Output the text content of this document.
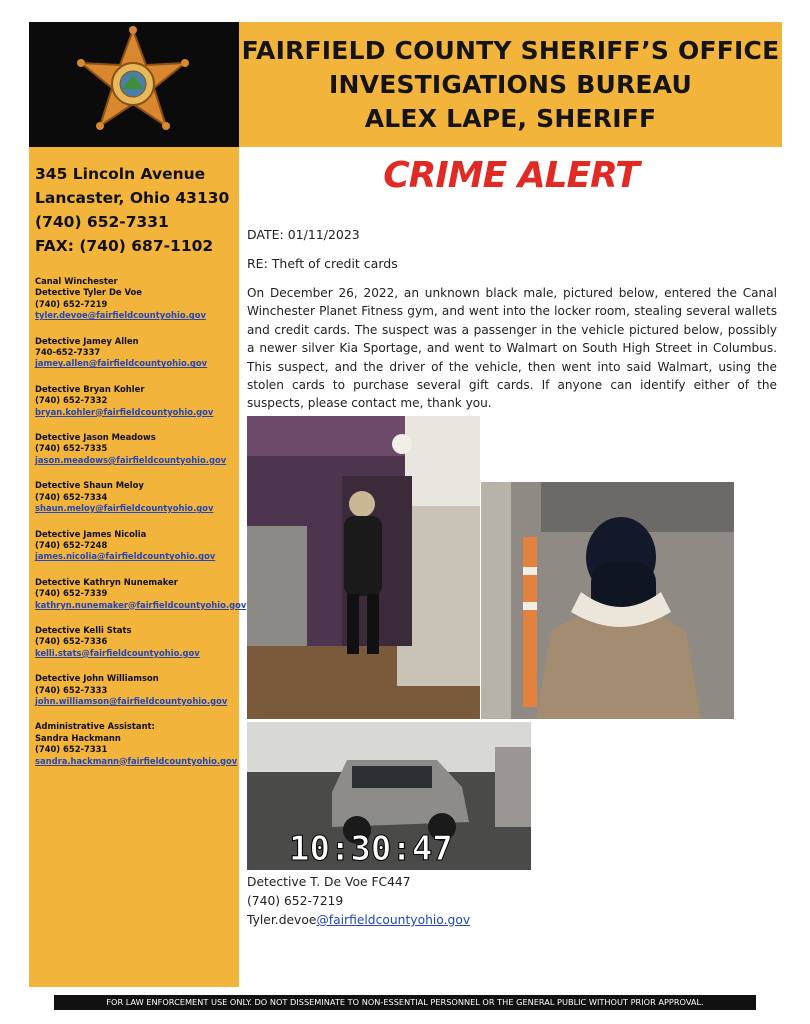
FAIRFIELD COUNTY SHERIFF’S OFFICE
INVESTIGATIONS BUREAU
ALEX LAPE, SHERIFF
345 Lincoln Avenue
Lancaster, Ohio 43130
(740) 652-7331
FAX: (740) 687-1102
Canal Winchester
Detective Tyler De Voe
(740) 652-7219
tyler.devoe@fairfieldcountyohio.gov
Detective Jamey Allen
740-652-7337
jamey.allen@fairfieldcountyohio.gov
Detective Bryan Kohler
(740) 652-7332
bryan.kohler@fairfieldcountyohio.gov
Detective Jason Meadows
(740) 652-7335
jason.meadows@fairfieldcountyohio.gov
Detective Shaun Meloy
(740) 652-7334
shaun.meloy@fairfieldcountyohio.gov
Detective James Nicolia
(740) 652-7248
james.nicolia@fairfieldcountyohio.gov
Detective Kathryn Nunemaker
(740) 652-7339
kathryn.nunemaker@fairfieldcountyohio.gov
Detective Kelli Stats
(740) 652-7336
kelli.stats@fairfieldcountyohio.gov
Detective John Williamson
(740) 652-7333
john.williamson@fairfieldcountyohio.gov
Administrative Assistant:
Sandra Hackmann
(740) 652-7331
sandra.hackmann@fairfieldcountyohio.gov
CRIME ALERT
DATE: 01/11/2023
RE: Theft of credit cards
On December 26, 2022, an unknown black male, pictured below, entered the Canal Winchester Planet Fitness gym, and went into the locker room, stealing several wallets and credit cards. The suspect was a passenger in the vehicle pictured below, possibly a newer silver Kia Sportage, and went to Walmart on South High Street in Columbus. This suspect, and the driver of the vehicle, then went into said Walmart, using the stolen cards to purchase several gift cards. If anyone can identify either of the suspects, please contact me, thank you.
10:30:47
Detective T. De Voe FC447
(740) 652-7219
Tyler.devoe@fairfieldcountyohio.gov
FOR LAW ENFORCEMENT USE ONLY. DO NOT DISSEMINATE TO NON-ESSENTIAL PERSONNEL OR THE GENERAL PUBLIC WITHOUT PRIOR APPROVAL.
